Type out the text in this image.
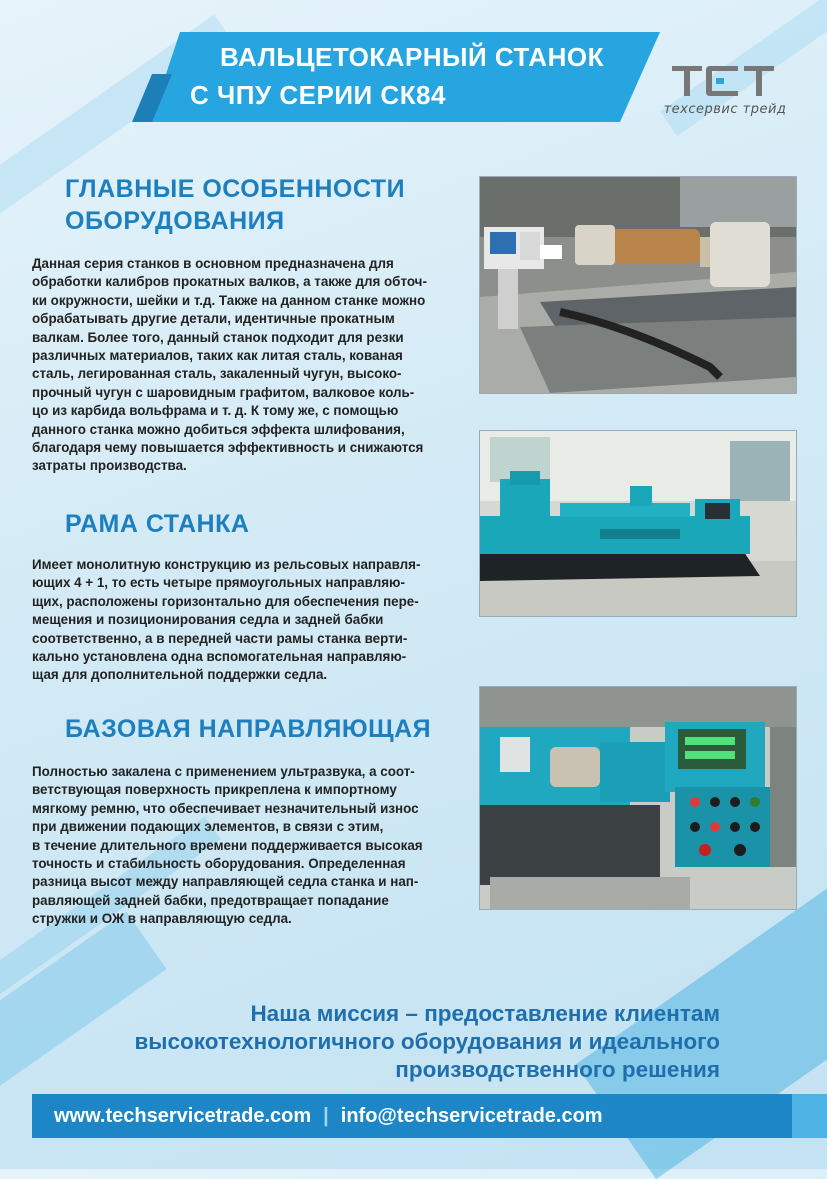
ВАЛЬЦЕТОКАРНЫЙ СТАНОК
С ЧПУ СЕРИИ СК84	техсервис трейд
ГЛАВНЫЕ ОСОБЕННОСТИ
ОБОРУДОВАНИЯ
Данная серия станков в основном предназначена для
обработки калибров прокатных валков, а также для обточ-
ки окружности, шейки и т.д. Также на данном станке можно
обрабатывать другие детали, идентичные прокатным
валкам. Более того, данный станок подходит для резки
различных материалов, таких как литая сталь, кованая
сталь, легированная сталь, закаленный чугун, высоко-
прочный чугун с шаровидным графитом, валковое коль-
цо из карбида вольфрама и т. д. К тому же, с помощью
данного станка можно добиться эффекта шлифования,
благодаря чему повышается эффективность и снижаются
затраты производства.
РАМА СТАНКА
Имеет монолитную конструкцию из рельсовых направля-
ющих 4 + 1, то есть четыре прямоугольных направляю-
щих, расположены горизонтально для обеспечения пере-
мещения и позиционирования седла и задней бабки
соответственно, а в передней части рамы станка верти-
кально установлена одна вспомогательная направляю-
щая для дополнительной поддержки седла.
БАЗОВАЯ НАПРАВЛЯЮЩАЯ
Полностью закалена с применением ультразвука, а соот-
ветствующая поверхность прикреплена к импортному
мягкому ремню, что обеспечивает незначительный износ
при движении подающих элементов, в связи с этим,
в течение длительного времени поддерживается высокая
точность и стабильность оборудования. Определенная
разница высот между направляющей седла станка и нап-
равляющей задней бабки, предотвращает попадание
стружки и ОЖ в направляющую седла.
Наша миссия – предоставление клиентам
высокотехнологичного оборудования и идеального
производственного решения
www.techservicetrade.com | info@techservicetrade.com
